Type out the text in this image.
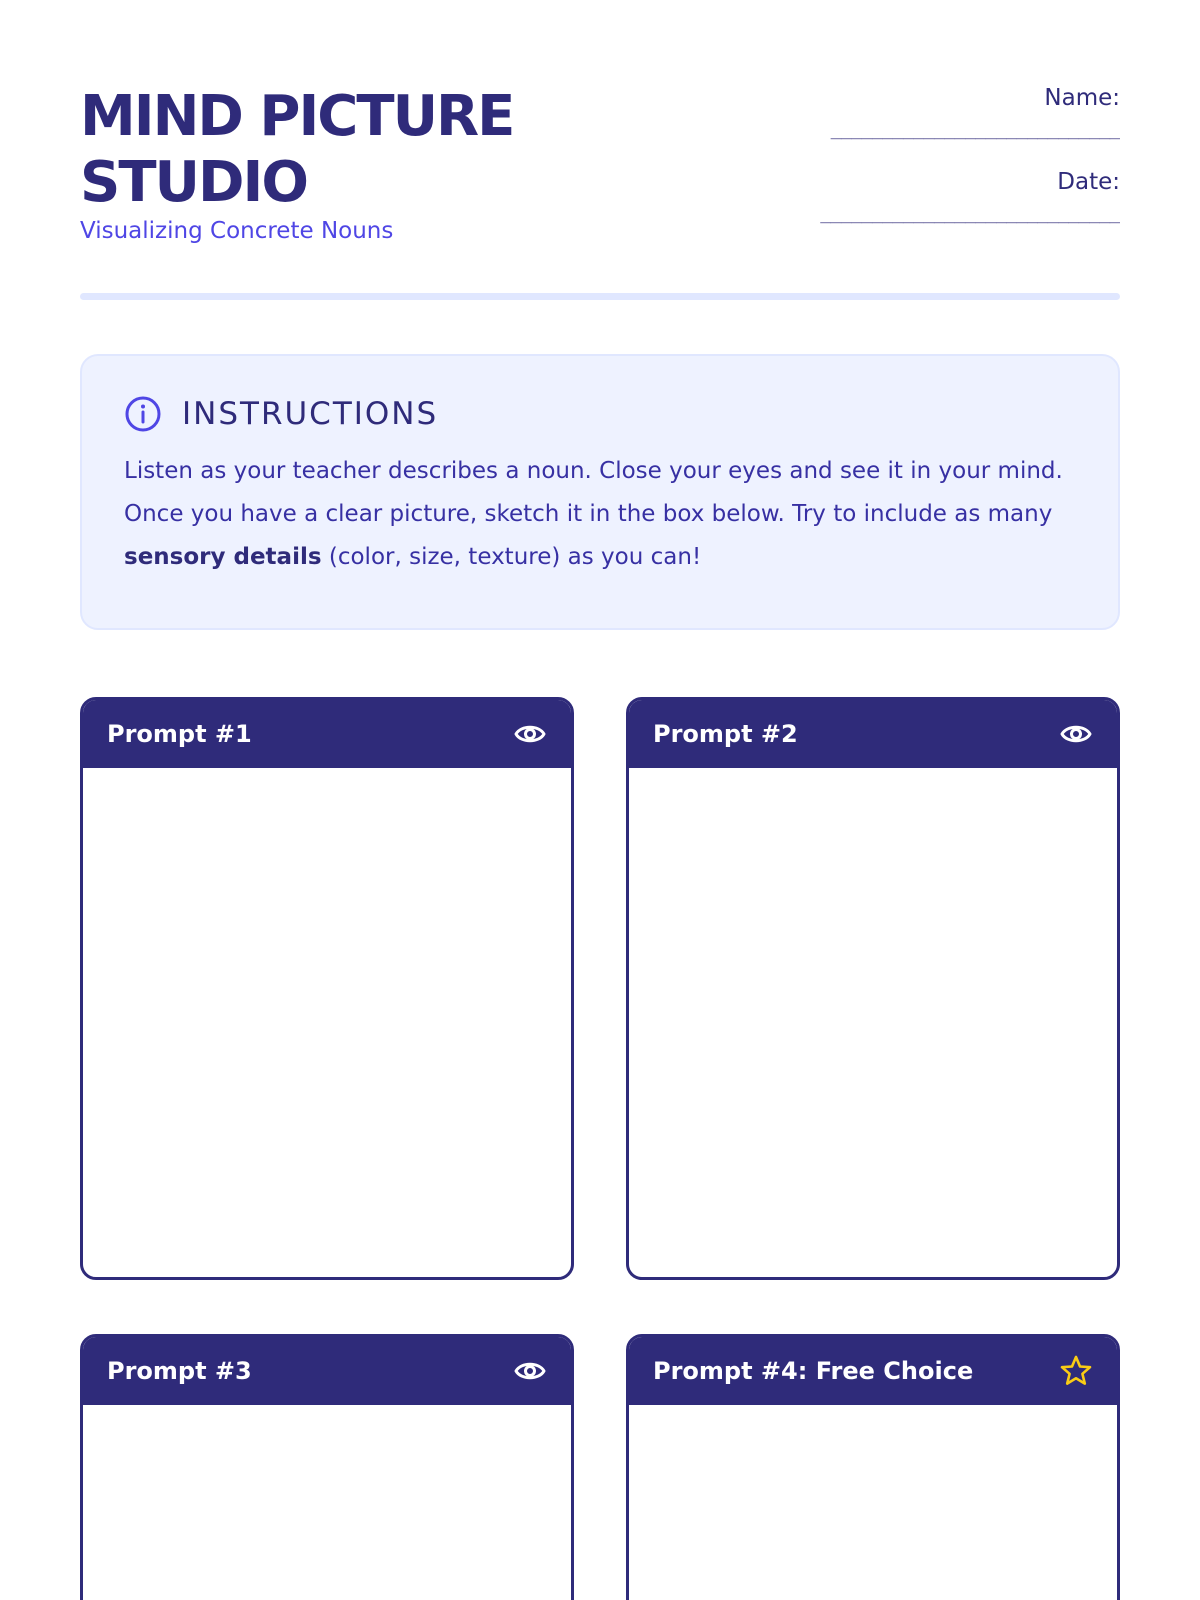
MIND PICTURE STUDIO
Visualizing Concrete Nouns
Name:
____________________________
Date:
_____________________________
INSTRUCTIONS

Listen as your teacher describes a noun. Close your eyes and see it in your mind. Once you have a clear picture, sketch it in the box below. Try to include as many sensory details (color, size, texture) as you can!

Prompt #1	Prompt #2
Prompt #3	Prompt #4: Free Choice
